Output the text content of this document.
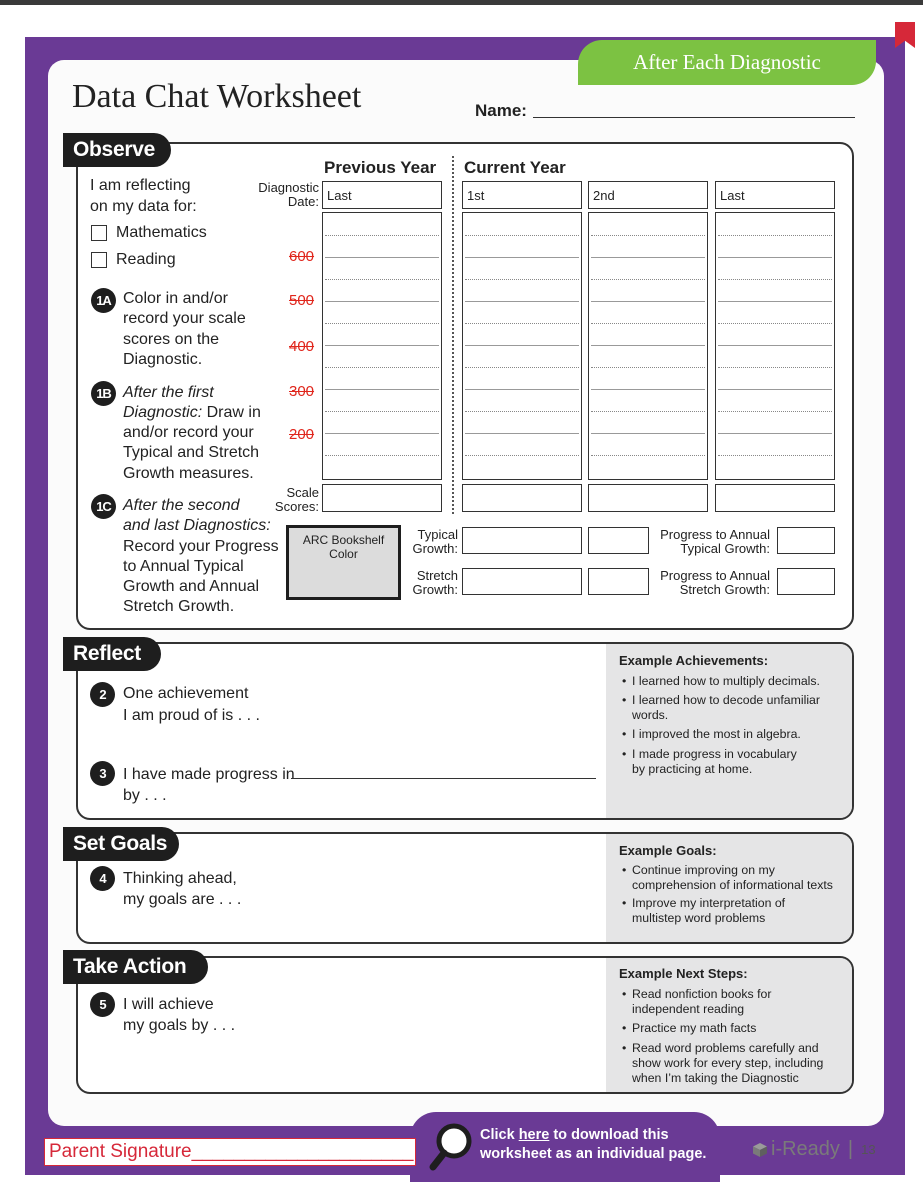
After Each Diagnostic
Data Chat Worksheet	Name:
Observe
I am reflecting
on my data for:
Mathematics
Reading
1A Color in and/or
record your scale
scores on the
Diagnostic.
1B After the first
Diagnostic: Draw in
and/or record your
Typical and Stretch
Growth measures.
1C After the second
and last Diagnostics:
Record your Progress
to Annual Typical
Growth and Annual
Stretch Growth.
Previous Year Current Year
Diagnostic
Date: Last	1st	2nd	Last
600
500
400
300
200
Scale
Scores:
ARC Bookshelf
Color
Typical
Growth:
Progress to Annual
Typical Growth:
Stretch
Growth:
Progress to Annual
Stretch Growth:
Reflect
2	One achievement
I am proud of is . . .
3	I have made progress in
by . . .
Example Achievements:
• I learned how to multiply decimals.
• I learned how to decode unfamiliar
words.
• I improved the most in algebra.
• I made progress in vocabulary
by practicing at home.
Set Goals
4	Thinking ahead,
my goals are . . .
Example Goals:
• Continue improving on my
comprehension of informational texts
• Improve my interpretation of
multistep word problems
Take Action
5	I will achieve
my goals by . . .
Example Next Steps:
• Read nonfiction books for
independent reading
• Practice my math facts
• Read word problems carefully and
show work for every step, including
when I’m taking the Diagnostic
Click here to download this
worksheet as an individual page.
Parent Signature_____________________	i-Ready | 13
